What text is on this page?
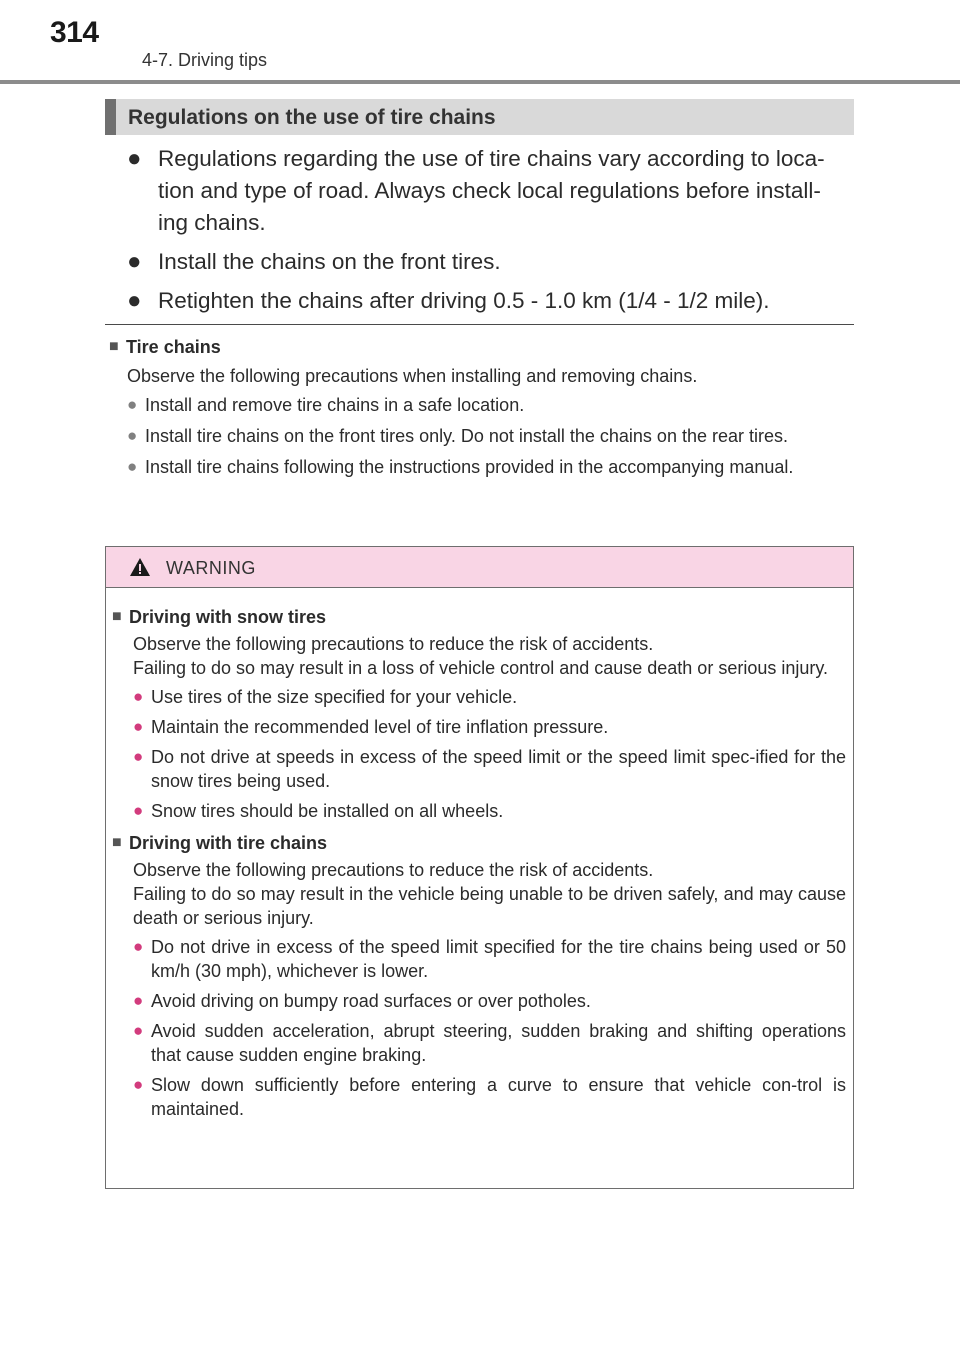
314
4-7. Driving tips
Regulations on the use of tire chains
● Regulations regarding the use of tire chains vary according to loca-
tion and type of road. Always check local regulations before install-
ing chains.
● Install the chains on the front tires.
● Retighten the chains after driving 0.5 - 1.0 km (1/4 - 1/2 mile).
■ Tire chains
Observe the following precautions when installing and removing chains.
● Install and remove tire chains in a safe location.
● Install tire chains on the front tires only. Do not install the chains on the rear tires.
● Install tire chains following the instructions provided in the accompanying manual.
WARNING
■ Driving with snow tires
Observe the following precautions to reduce the risk of accidents.
Failing to do so may result in a loss of vehicle control and cause death or serious injury.
● Use tires of the size specified for your vehicle.
● Maintain the recommended level of tire inflation pressure.
● Do not drive at speeds in excess of the speed limit or the speed limit spec-ified for the snow tires being used.
● Snow tires should be installed on all wheels.
■ Driving with tire chains
Observe the following precautions to reduce the risk of accidents.
Failing to do so may result in the vehicle being unable to be driven safely, and may cause death or serious injury.
● Do not drive in excess of the speed limit specified for the tire chains being used or 50 km/h (30 mph), whichever is lower.
● Avoid driving on bumpy road surfaces or over potholes.
● Avoid sudden acceleration, abrupt steering, sudden braking and shifting operations that cause sudden engine braking.
● Slow down sufficiently before entering a curve to ensure that vehicle con-trol is maintained.
